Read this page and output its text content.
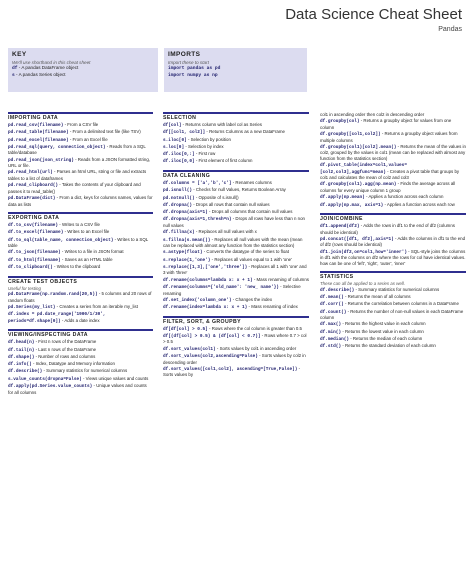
Data Science Cheat Sheet
Pandas
KEY
We'll use shorthand in this cheat sheet
df - A pandas DataFrame object
s - A pandas Series object
IMPORTS
Import these to start
import pandas as pd
import numpy as np
IMPORTING DATA
pd.read_csv(filename) - From a CSV file
pd.read_table(filename) - From a delimited text file (like TSV)
pd.read_excel(filename) - From an Excel file
pd.read_sql(query, connection_object) - Reads from a SQL table/database
pd.read_json(json_string) - Reads from a JSON formatted string, URL or file.
pd.read_html(url) - Parses an html URL, string or file and extracts tables to a list of dataframes
pd.read_clipboard() - Takes the contents of your clipboard and passes it to read_table()
pd.DataFrame(dict) - From a dict, keys for columns names, values for data as lists
EXPORTING DATA
df.to_csv(filename) - Writes to a CSV file
df.to_excel(filename) - Writes to an Excel file
df.to_sql(table_name, connection_object) - Writes to a SQL table
df.to_json(filename) - Writes to a file in JSON format
df.to_html(filename) - Saves as an HTML table
df.to_clipboard() - Writes to the clipboard
CREATE TEST OBJECTS
Useful for testing
pd.DataFrame(np.random.rand(20,5)) - 5 columns and 20 rows of random floats
pd.Series(my_list) - Creates a series from an iterable my_list
df.index = pd.date_range('1900/1/30', periods=df.shape[0]) - Adds a date index
VIEWING/INSPECTING DATA
df.head(n) - First n rows of the DataFrame
df.tail(n) - Last n rows of the DataFrame
df.shape() - Number of rows and columns
df.info() - Index, Datatype and Memory information
df.describe() - Summary statistics for numerical columns
s.value_counts(dropna=False) - Views unique values and counts
df.apply(pd.Series.value_counts) - Unique values and counts for all columns
SELECTION
df[col] - Returns column with label col as Series
df[[col1, col2]] - Returns Columns as a new DataFrame
s.iloc[0] - Selection by position
s.loc[0] - Selection by index
df.iloc[0,:] - First row
df.iloc[0,0] - First element of first column
DATA CLEANING
df.columns = ['a','b','c'] - Renames columns
pd.isnull() - Checks for null Values, Returns Boolean Array
pd.notnull() - Opposite of s.isnull()
df.dropna() - Drops all rows that contain null values
df.dropna(axis=1) - Drops all columns that contain null values
df.dropna(axis=1,thresh=n) - Drops all rows have less than n non null values
df.fillna(x) - Replaces all null values with x
s.fillna(s.mean()) - Replaces all null values with the mean (mean can be replaced with almost any function from the statistics section)
s.astype(float) - Converts the datatype of the series to float
s.replace(1,'one') - Replaces all values equal to 1 with 'one'
s.replace([1,3],['one','three']) - Replaces all 1 with 'one' and 3 with 'three'
df.rename(columns=lambda x: x + 1) - Mass renaming of columns
df.rename(columns={'old_name': 'new_ name'}) - Selective renaming
df.set_index('column_one') - Changes the index
df.rename(index=lambda x: x + 1) - Mass renaming of index
FILTER, SORT, & GROUPBY
df[df[col] > 0.5] - Rows where the col column is greater than 0.5
df[(df[col] > 0.5) & (df[col] < 0.7)] - Rows where 0.7 > col > 0.5
df.sort_values(col1) - Sorts values by col1 in ascending order
df.sort_values(col2,ascending=False) - Sorts values by col2 in descending order
df.sort_values([col1,col2], ascending=[True,False]) - Sorts values by
col1 in ascending order then col2 in descending order
df.groupby(col) - Returns a groupby object for values from one column
df.groupby([col1,col2]) - Returns a groupby object values from multiple columns
df.groupby(col1)[col2].mean() - Returns the mean of the values in col2, grouped by the values in col1 (mean can be replaced with almost any function from the statistics section)
df.pivot_table(index=col1,values= [col2,col3],aggfunc=mean) - Creates a pivot table that groups by col1 and calculates the mean of col2 and col3
df.groupby(col1).agg(np.mean) - Finds the average across all columns for every unique column 1 group
df.apply(np.mean) - Applies a function across each column
df.apply(np.max, axis=1) - Applies a function across each row
JOIN/COMBINE
df1.append(df2) - Adds the rows in df1 to the end of df2 (columns should be identical)
pd.concat([df1, df2],axis=1) - Adds the columns in df1 to the end of df2 (rows should be identical)
df1.join(df2,on=col1,how='inner') - SQL-style joins the columns in df1 with the columns on df2 where the rows for col have identical values. how can be one of 'left', 'right', 'outer', 'inner'
STATISTICS
These can all be applied to a series as well.
df.describe() - Summary statistics for numerical columns
df.mean() - Returns the mean of all columns
df.corr() - Returns the correlation between columns in a DataFrame
df.count() - Returns the number of non-null values in each DataFrame column
df.max() - Returns the highest value in each column
df.min() - Returns the lowest value in each column
df.median() - Returns the median of each column
df.std() - Returns the standard deviation of each column
